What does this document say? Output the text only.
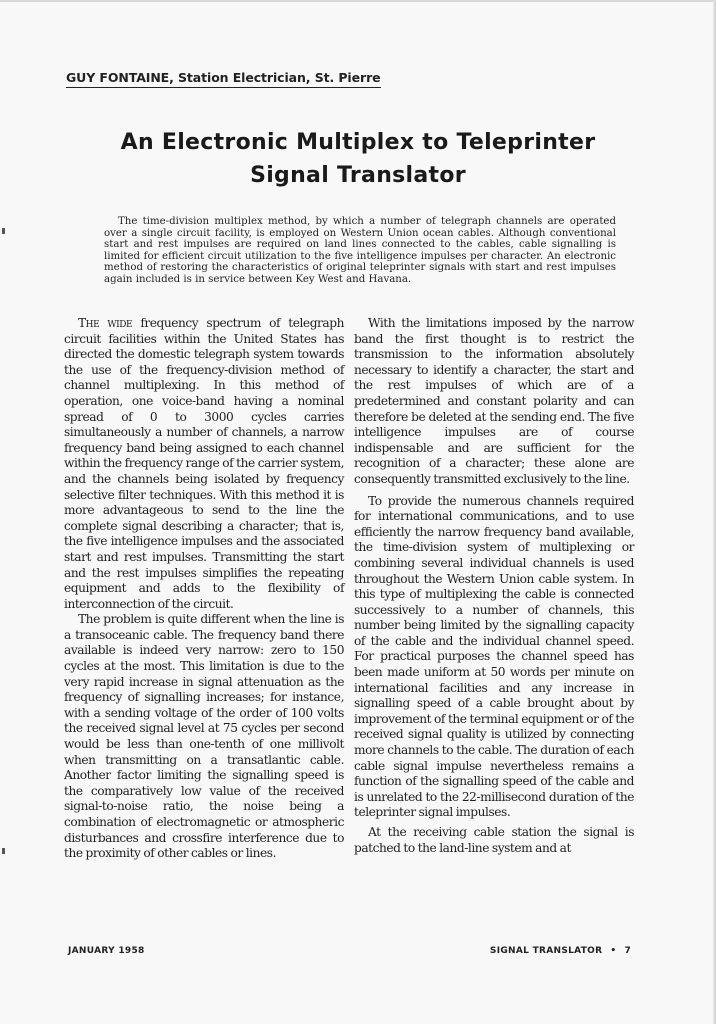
GUY FONTAINE, Station Electrician, St. Pierre
An Electronic Multiplex to Teleprinter
Signal Translator
The time-division multiplex method, by which a number of telegraph channels are operated over a single circuit facility, is employed on Western Union ocean cables. Although conventional start and rest impulses are required on land lines connected to the cables, cable signalling is limited for efficient circuit utilization to the five intelligence impulses per character. An electronic method of restoring the characteristics of original teleprinter signals with start and rest impulses again included is in service between Key West and Havana.

The wide frequency spectrum of telegraph circuit facilities within the United States has directed the domestic telegraph system towards the use of the frequency-division method of channel multiplexing. In this method of operation, one voice-band having a nominal spread of 0 to 3000 cycles carries simultaneously a number of channels, a narrow frequency band being assigned to each channel within the frequency range of the carrier system, and the channels being isolated by frequency selective filter techniques. With this method it is more advantageous to send to the line the complete signal describing a character; that is, the five intelligence impulses and the associated start and rest impulses. Transmitting the start and the rest impulses simplifies the repeating equipment and adds to the flexibility of interconnection of the circuit.

The problem is quite different when the line is a transoceanic cable. The frequency band there available is indeed very narrow: zero to 150 cycles at the most. This limitation is due to the very rapid increase in signal attenuation as the frequency of signalling increases; for instance, with a sending voltage of the order of 100 volts the received signal level at 75 cycles per second would be less than one-tenth of one millivolt when transmitting on a transatlantic cable. Another factor limiting the signalling speed is the comparatively low value of the received signal-to-noise ratio, the noise being a combination of electromagnetic or atmospheric disturbances and crossfire interference due to the proximity of other cables or lines.

With the limitations imposed by the narrow band the first thought is to restrict the transmission to the information absolutely necessary to identify a character, the start and the rest impulses of which are of a predetermined and constant polarity and can therefore be deleted at the sending end. The five intelligence impulses are of course indispensable and are sufficient for the recognition of a character; these alone are consequently transmitted exclusively to the line.

To provide the numerous channels required for international communications, and to use efficiently the narrow frequency band available, the time-division system of multiplexing or combining several individual channels is used throughout the Western Union cable system. In this type of multiplexing the cable is connected successively to a number of channels, this number being limited by the signalling capacity of the cable and the individual channel speed. For practical purposes the channel speed has been made uniform at 50 words per minute on international facilities and any increase in signalling speed of a cable brought about by improvement of the terminal equipment or of the received signal quality is utilized by connecting more channels to the cable. The duration of each cable signal impulse nevertheless remains a function of the signalling speed of the cable and is unrelated to the 22-millisecond duration of the teleprinter signal impulses.

At the receiving cable station the signal is patched to the land-line system and at

JANUARY 1958	SIGNAL TRANSLATOR • 7
